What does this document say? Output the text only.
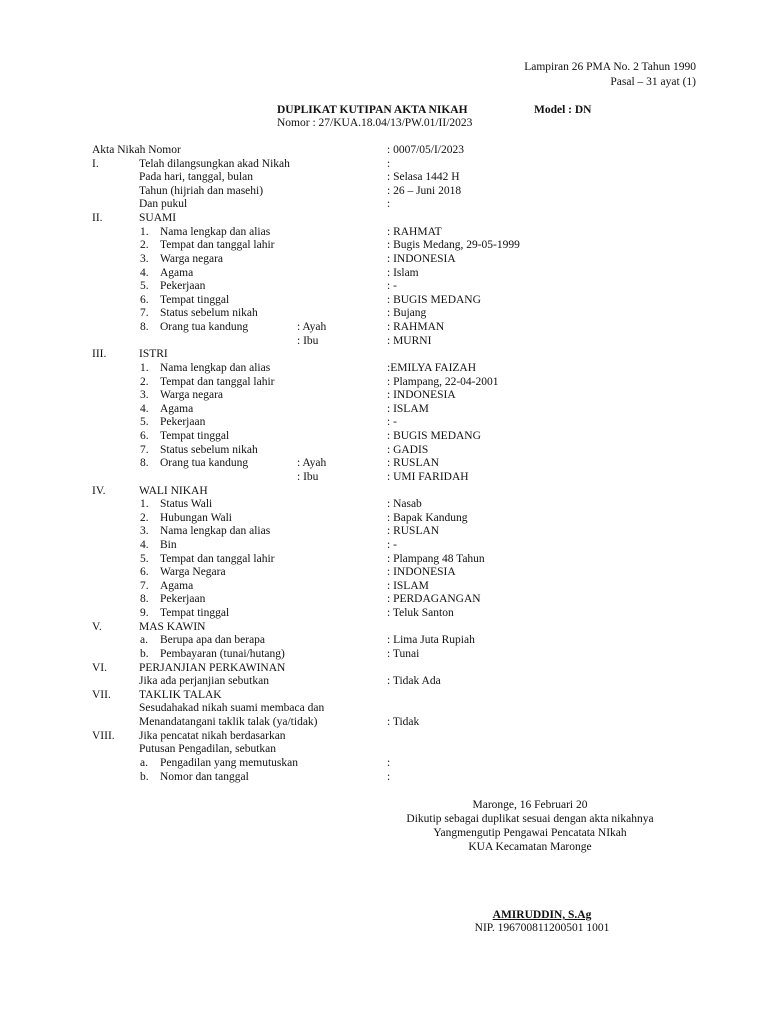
Lampiran 26 PMA No. 2 Tahun 1990
Pasal – 31 ayat (1)
DUPLIKAT KUTIPAN AKTA NIKAH	Model : DN
Nomor : 27/KUA.18.04/13/PW.01/II/2023
Akta Nikah Nomor	: 0007/05/I/2023
I.	Telah dilangsungkan akad Nikah	:
Pada hari, tanggal, bulan	: Selasa 1442 H
Tahun (hijriah dan masehi)	: 26 – Juni 2018
Dan pukul	:
II.	SUAMI
1. Nama lengkap dan alias	: RAHMAT
2. Tempat dan tanggal lahir	: Bugis Medang, 29-05-1999
3. Warga negara	: INDONESIA
4. Agama	: Islam
5. Pekerjaan	: -
6. Tempat tinggal	: BUGIS MEDANG
7. Status sebelum nikah	: Bujang
8. Orang tua kandung	: Ayah	: RAHMAN
: Ibu	: MURNI
III.	ISTRI
1. Nama lengkap dan alias	:EMILYA FAIZAH
2. Tempat dan tanggal lahir	: Plampang, 22-04-2001
3. Warga negara	: INDONESIA
4. Agama	: ISLAM
5. Pekerjaan	: -
6. Tempat tinggal	: BUGIS MEDANG
7. Status sebelum nikah	: GADIS
8. Orang tua kandung	: Ayah	: RUSLAN
: Ibu	: UMI FARIDAH
IV.	WALI NIKAH
1. Status Wali	: Nasab
2. Hubungan Wali	: Bapak Kandung
3. Nama lengkap dan alias	: RUSLAN
4. Bin	: -
5. Tempat dan tanggal lahir	: Plampang 48 Tahun
6. Warga Negara	: INDONESIA
7. Agama	: ISLAM
8. Pekerjaan	: PERDAGANGAN
9. Tempat tinggal	: Teluk Santon
V.	MAS KAWIN
a. Berupa apa dan berapa	: Lima Juta Rupiah
b. Pembayaran (tunai/hutang)	: Tunai
VI.	PERJANJIAN PERKAWINAN
Jika ada perjanjian sebutkan	: Tidak Ada
VII. TAKLIK TALAK
Sesudahakad nikah suami membaca dan
Menandatangani taklik talak (ya/tidak)	: Tidak
VIII. Jika pencatat nikah berdasarkan
Putusan Pengadilan, sebutkan
a. Pengadilan yang memutuskan	:
b. Nomor dan tanggal	:
Maronge, 16 Februari 20
Dikutip sebagai duplikat sesuai dengan akta nikahnya
Yangmengutip Pengawai Pencatata NIkah
KUA Kecamatan Maronge
AMIRUDDIN, S.Ag
NIP. 196700811200501 1001
